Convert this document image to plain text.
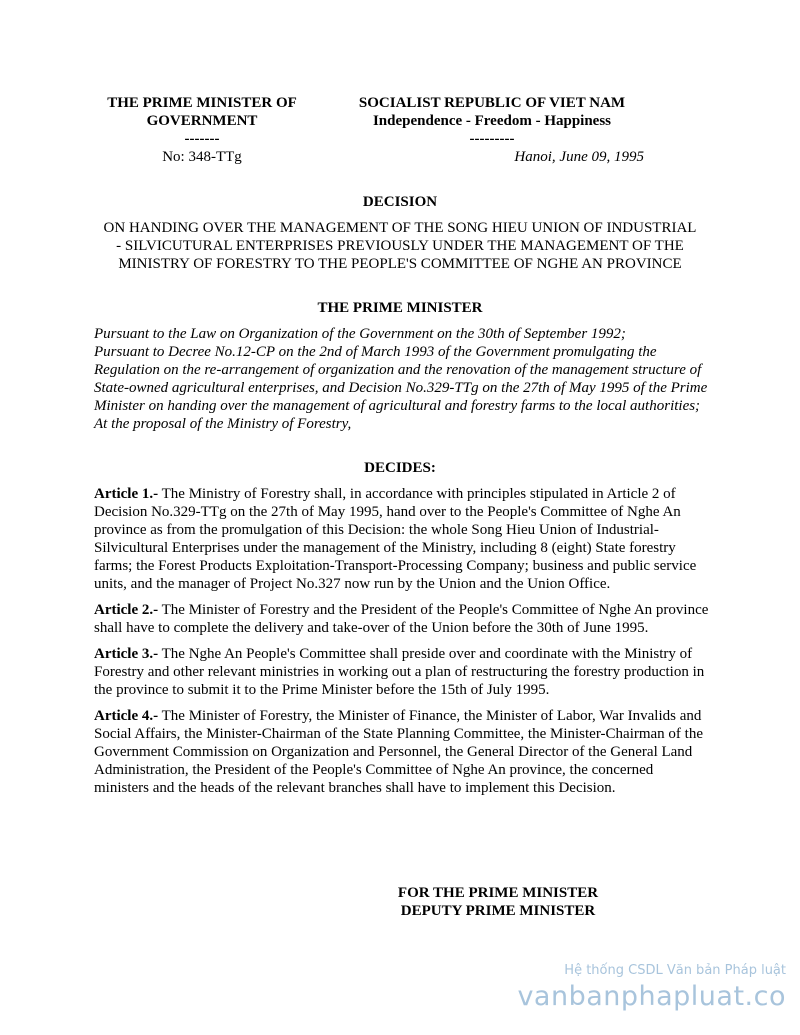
THE PRIME MINISTER OF
GOVERNMENT
-------
No: 348-TTg
SOCIALIST REPUBLIC OF VIET NAM
Independence - Freedom - Happiness
---------
Hanoi, June 09, 1995
DECISION
ON HANDING OVER THE MANAGEMENT OF THE SONG HIEU UNION OF INDUSTRIAL - SILVICUTURAL ENTERPRISES PREVIOUSLY UNDER THE MANAGEMENT OF THE MINISTRY OF FORESTRY TO THE PEOPLE'S COMMITTEE OF NGHE AN PROVINCE
THE PRIME MINISTER

Pursuant to the Law on Organization of the Government on the 30th of September 1992;

Pursuant to Decree No.12-CP on the 2nd of March 1993 of the Government promulgating the Regulation on the re-arrangement of organization and the renovation of the management structure of State-owned agricultural enterprises, and Decision No.329-TTg on the 27th of May 1995 of the Prime Minister on handing over the management of agricultural and forestry farms to the local authorities;

At the proposal of the Ministry of Forestry,

DECIDES:

Article 1.- The Ministry of Forestry shall, in accordance with principles stipulated in Article 2 of Decision No.329-TTg on the 27th of May 1995, hand over to the People's Committee of Nghe An province as from the promulgation of this Decision: the whole Song Hieu Union of Industrial-Silvicultural Enterprises under the management of the Ministry, including 8 (eight) State forestry farms; the Forest Products Exploitation-Transport-Processing Company; business and public service units, and the manager of Project No.327 now run by the Union and the Union Office.

Article 2.- The Minister of Forestry and the President of the People's Committee of Nghe An province shall have to complete the delivery and take-over of the Union before the 30th of June 1995.

Article 3.- The Nghe An People's Committee shall preside over and coordinate with the Ministry of Forestry and other relevant ministries in working out a plan of restructuring the forestry production in the province to submit it to the Prime Minister before the 15th of July 1995.

Article 4.- The Minister of Forestry, the Minister of Finance, the Minister of Labor, War Invalids and Social Affairs, the Minister-Chairman of the State Planning Committee, the Minister-Chairman of the Government Commission on Organization and Personnel, the General Director of the General Land Administration, the President of the People's Committee of Nghe An province, the concerned ministers and the heads of the relevant branches shall have to implement this Decision.

FOR THE PRIME MINISTER
DEPUTY PRIME MINISTER
Hệ thống CSDL Văn bản Pháp luật
vanbanphapluat.co
